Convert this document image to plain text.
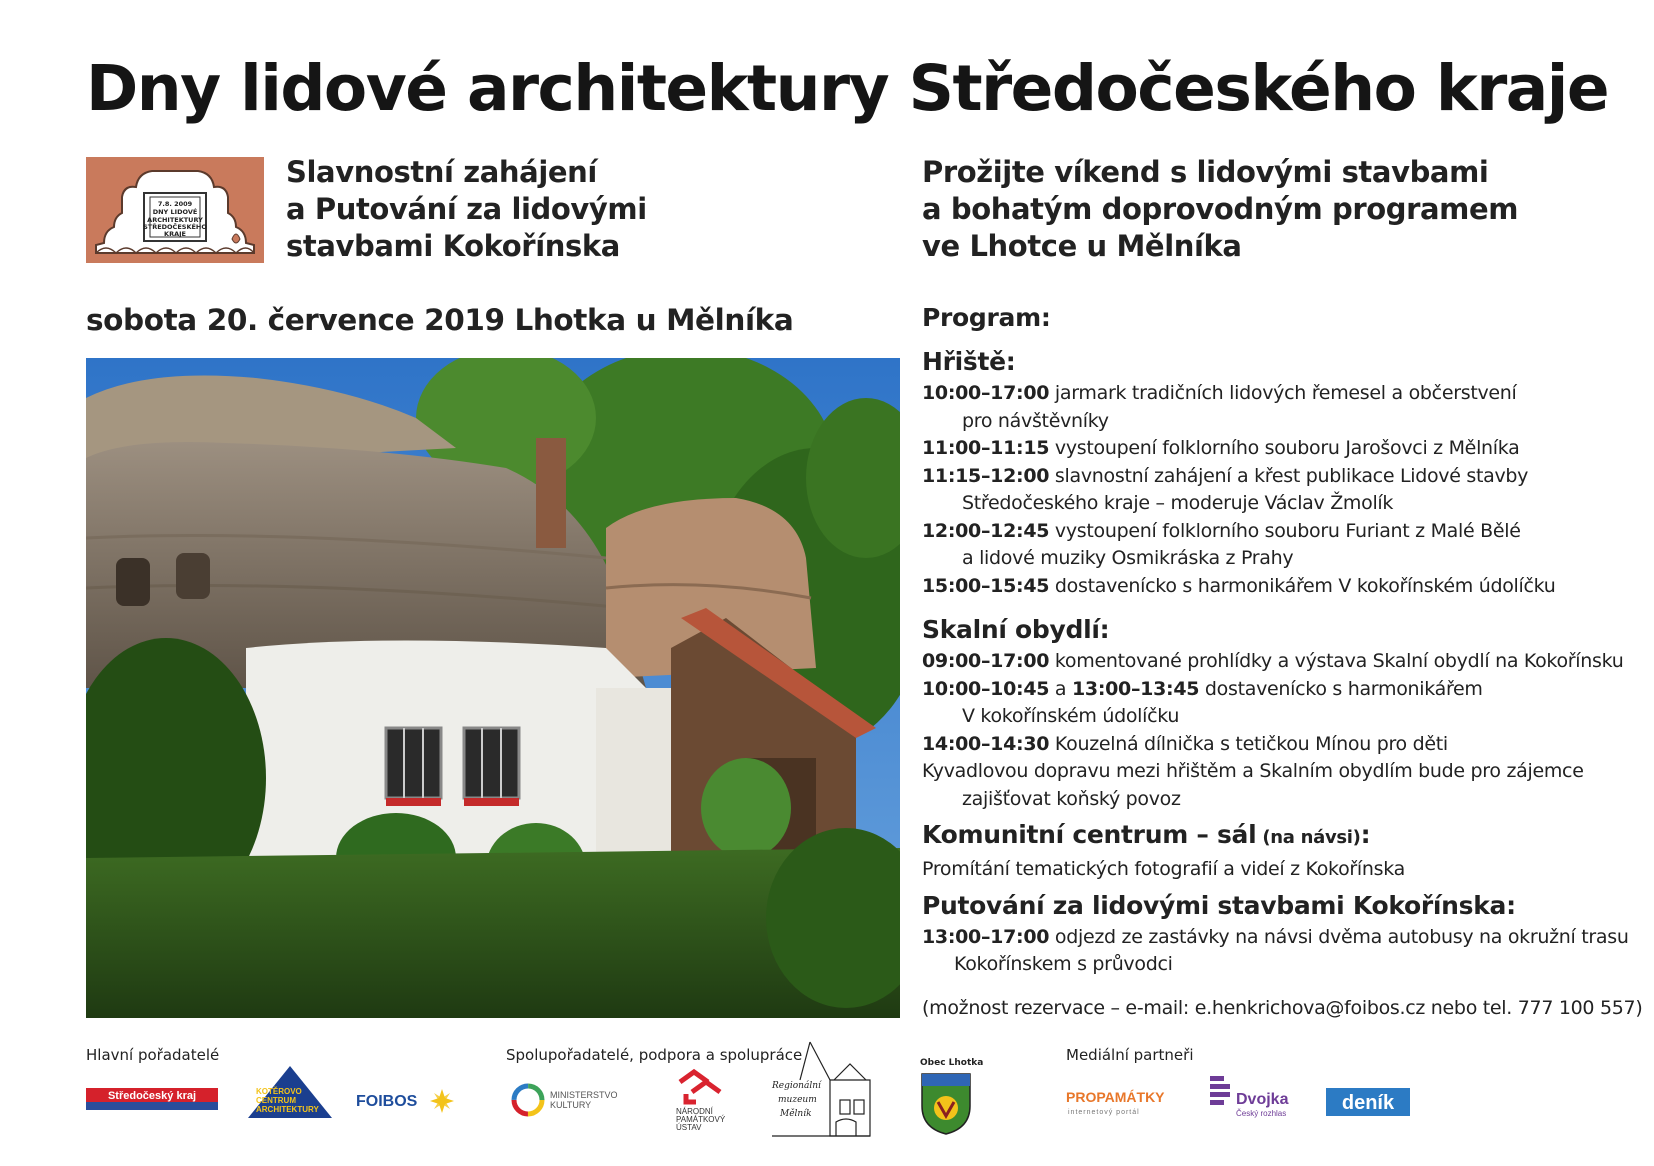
Dny lidové architektury Středočeského kraje
7.8. 2009
DNY LIDOVÉ
ARCHITEKTURY
STŘEDOČESKÉHO
KRAJE
Slavnostní zahájení
a Putování za lidovými
stavbami Kokořínska
Prožijte víkend s lidovými stavbami
a bohatým doprovodným programem
ve Lhotce u Mělníka
sobota 20. července 2019 Lhotka u Mělníka	Program:
Hřiště:
10:00–17:00 jarmark tradičních lidových řemesel a občerstvení
pro návštěvníky
11:00–11:15 vystoupení folklorního souboru Jarošovci z Mělníka
11:15–12:00 slavnostní zahájení a křest publikace Lidové stavby
Středočeského kraje – moderuje Václav Žmolík
12:00–12:45 vystoupení folklorního souboru Furiant z Malé Bělé
a lidové muziky Osmikráska z Prahy
15:00–15:45 dostavenícko s harmonikářem V kokořínském údolíčku
Skalní obydlí:
09:00–17:00 komentované prohlídky a výstava Skalní obydlí na Kokořínsku
10:00–10:45 a 13:00–13:45 dostavenícko s harmonikářem
V kokořínském údolíčku
14:00–14:30 Kouzelná dílnička s tetičkou Mínou pro děti
Kyvadlovou dopravu mezi hřištěm a Skalním obydlím bude pro zájemce
zajišťovat koňský povoz
Komunitní centrum – sál (na návsi):
Promítání tematických fotografií a videí z Kokořínska
Putování za lidovými stavbami Kokořínska:
13:00–17:00 odjezd ze zastávky na návsi dvěma autobusy na okružní trasu
Kokořínskem s průvodci
(možnost rezervace – e-mail: e.henkrichova@foibos.cz nebo tel. 777 100 557)
Hlavní pořadatelé	Spolupořadatelé, podpora a spolupráce	Obec Lhotka	Mediální partneři
Středočeský kraj	KOTĚROVO
CENTRUM
ARCHITEKTURY FOIBOS	MINISTERSTVO
KULTURY
NÁRODNÍ
PAMÁTKOVÝ
ÚSTAV
Regionální
muzeum
Mělník
PROPAMÁTKY
internetový portál
Dvojka
Český rozhlas	deník
